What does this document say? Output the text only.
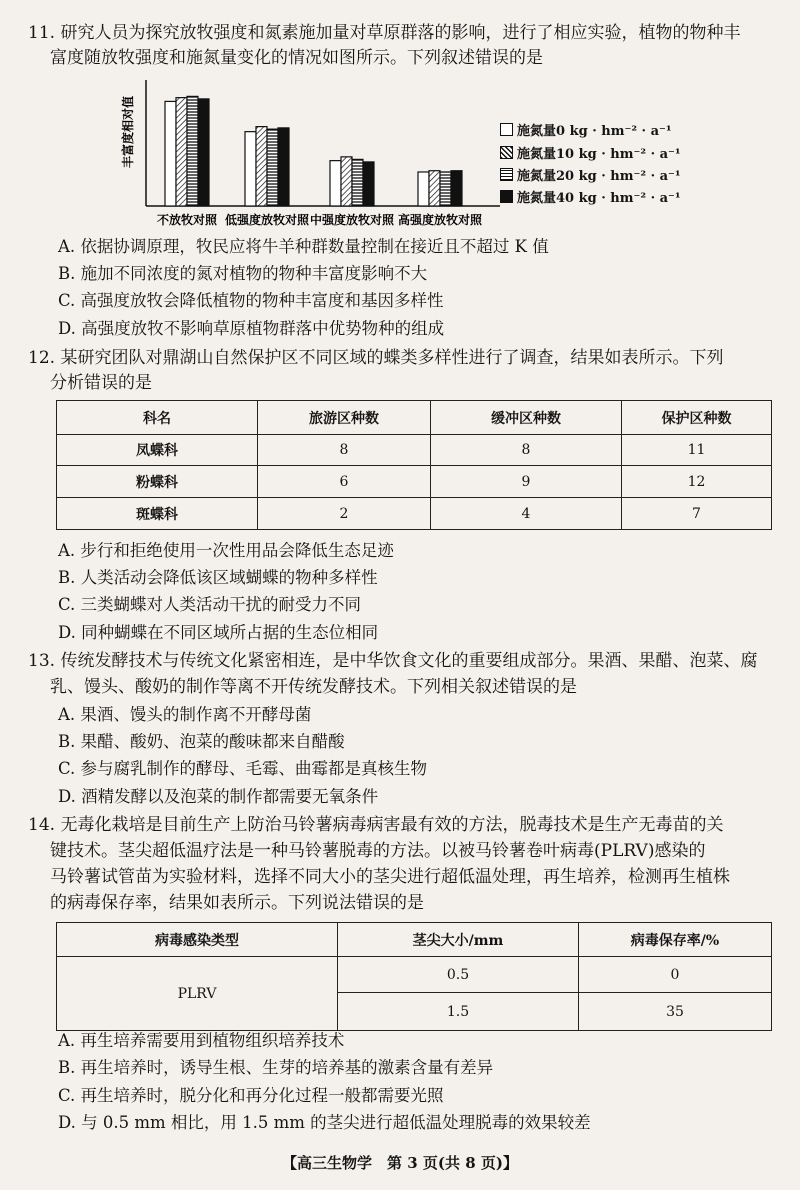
11. 研究人员为探究放牧强度和氮素施加量对草原群落的影响，进行了相应实验，植物的物种丰
富度随放牧强度和施氮量变化的情况如图所示。下列叙述错误的是
丰富度相对值
不放牧对照 低强度放牧对照 中强度放牧对照 高强度放牧对照
施氮量0 kg · hm⁻² · a⁻¹
施氮量10 kg · hm⁻² · a⁻¹
施氮量20 kg · hm⁻² · a⁻¹
施氮量40 kg · hm⁻² · a⁻¹
A. 依据协调原理，牧民应将牛羊种群数量控制在接近且不超过 K 值
B. 施加不同浓度的氮对植物的物种丰富度影响不大
C. 高强度放牧会降低植物的物种丰富度和基因多样性
D. 高强度放牧不影响草原植物群落中优势物种的组成
12. 某研究团队对鼎湖山自然保护区不同区域的蝶类多样性进行了调查，结果如表所示。下列
分析错误的是
科名	旅游区种数	缓冲区种数	保护区种数
凤蝶科	8	8	11
粉蝶科	6	9	12
斑蝶科	2	4	7
A. 步行和拒绝使用一次性用品会降低生态足迹
B. 人类活动会降低该区域蝴蝶的物种多样性
C. 三类蝴蝶对人类活动干扰的耐受力不同
D. 同种蝴蝶在不同区域所占据的生态位相同
13. 传统发酵技术与传统文化紧密相连，是中华饮食文化的重要组成部分。果酒、果醋、泡菜、腐
乳、馒头、酸奶的制作等离不开传统发酵技术。下列相关叙述错误的是
A. 果酒、馒头的制作离不开酵母菌
B. 果醋、酸奶、泡菜的酸味都来自醋酸
C. 参与腐乳制作的酵母、毛霉、曲霉都是真核生物
D. 酒精发酵以及泡菜的制作都需要无氧条件
14. 无毒化栽培是目前生产上防治马铃薯病毒病害最有效的方法，脱毒技术是生产无毒苗的关
键技术。茎尖超低温疗法是一种马铃薯脱毒的方法。以被马铃薯卷叶病毒(PLRV)感染的
马铃薯试管苗为实验材料，选择不同大小的茎尖进行超低温处理，再生培养，检测再生植株
的病毒保存率，结果如表所示。下列说法错误的是
病毒感染类型	茎尖大小/mm	病毒保存率/%
PLRV	0.5	0
	1.5	35
A. 再生培养需要用到植物组织培养技术
B. 再生培养时，诱导生根、生芽的培养基的激素含量有差异
C. 再生培养时，脱分化和再分化过程一般都需要光照
D. 与 0.5 mm 相比，用 1.5 mm 的茎尖进行超低温处理脱毒的效果较差
【高三生物学　第 3 页(共 8 页)】
